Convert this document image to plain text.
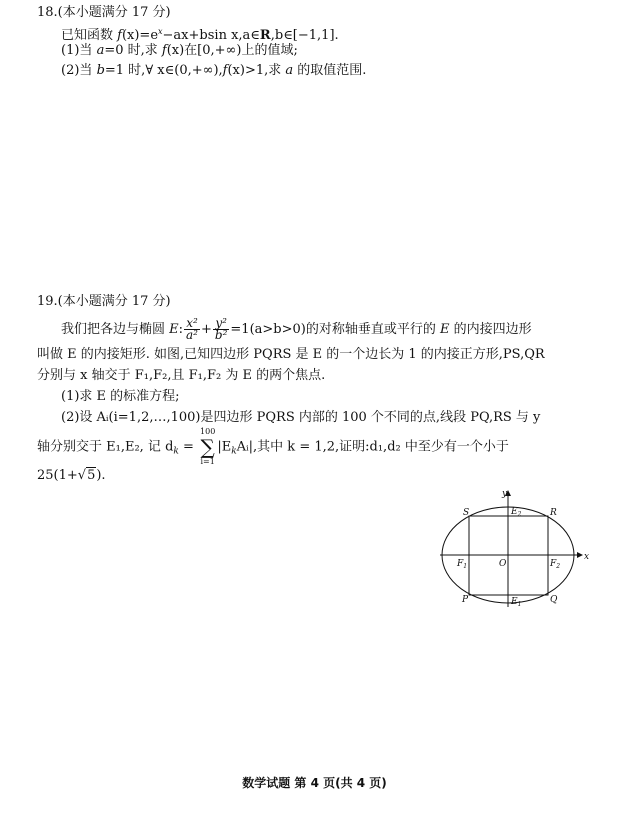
18.(本小题满分 17 分)
已知函数 $f(x)=e^x-ax+bsin$ x,a∈R,b∈[−1,1].
(1)当 a=0 时,求 f(x)在[0,+∞)上的值域;
(2)当 b=1 时,∀ x∈(0,+∞),f(x)>1,求 a 的取值范围.
19.(本小题满分 17 分)
我们把各边与椭圆 E: $\frac{\text{x²}}{\text{a²}} + \frac{\text{y²}}{\text{b²}} =1(a>b>0)$的对称轴垂直或平行的 E 的内接四边形
叫做 E 的内接矩形. 如图,已知四边形 PQRS 是 E 的一个边长为 1 的内接正方形,PS,QR
分别与 x 轴交于 F₁,F₂,且 F₁,F₂ 为 E 的两个焦点.
(1)求 E 的标准方程;
(2)设 Aᵢ(i=1,2,…,100)是四边形 PQRS 内部的 100 个不同的点,线段 PQ,RS 与 y
轴分别交于 E₁,E₂, 记 $d_k$ =
100
∑
i=1
$|E_kAᵢ|$,其中 k = 1,2,证明:d₁,d₂ 中至少有一个小于
25(1+√5).
y
x
S	R
P	Q
O
$E_2$
$E_1$
$F_1$	$F_2$
数学试题 第 4 页(共 4 页)
